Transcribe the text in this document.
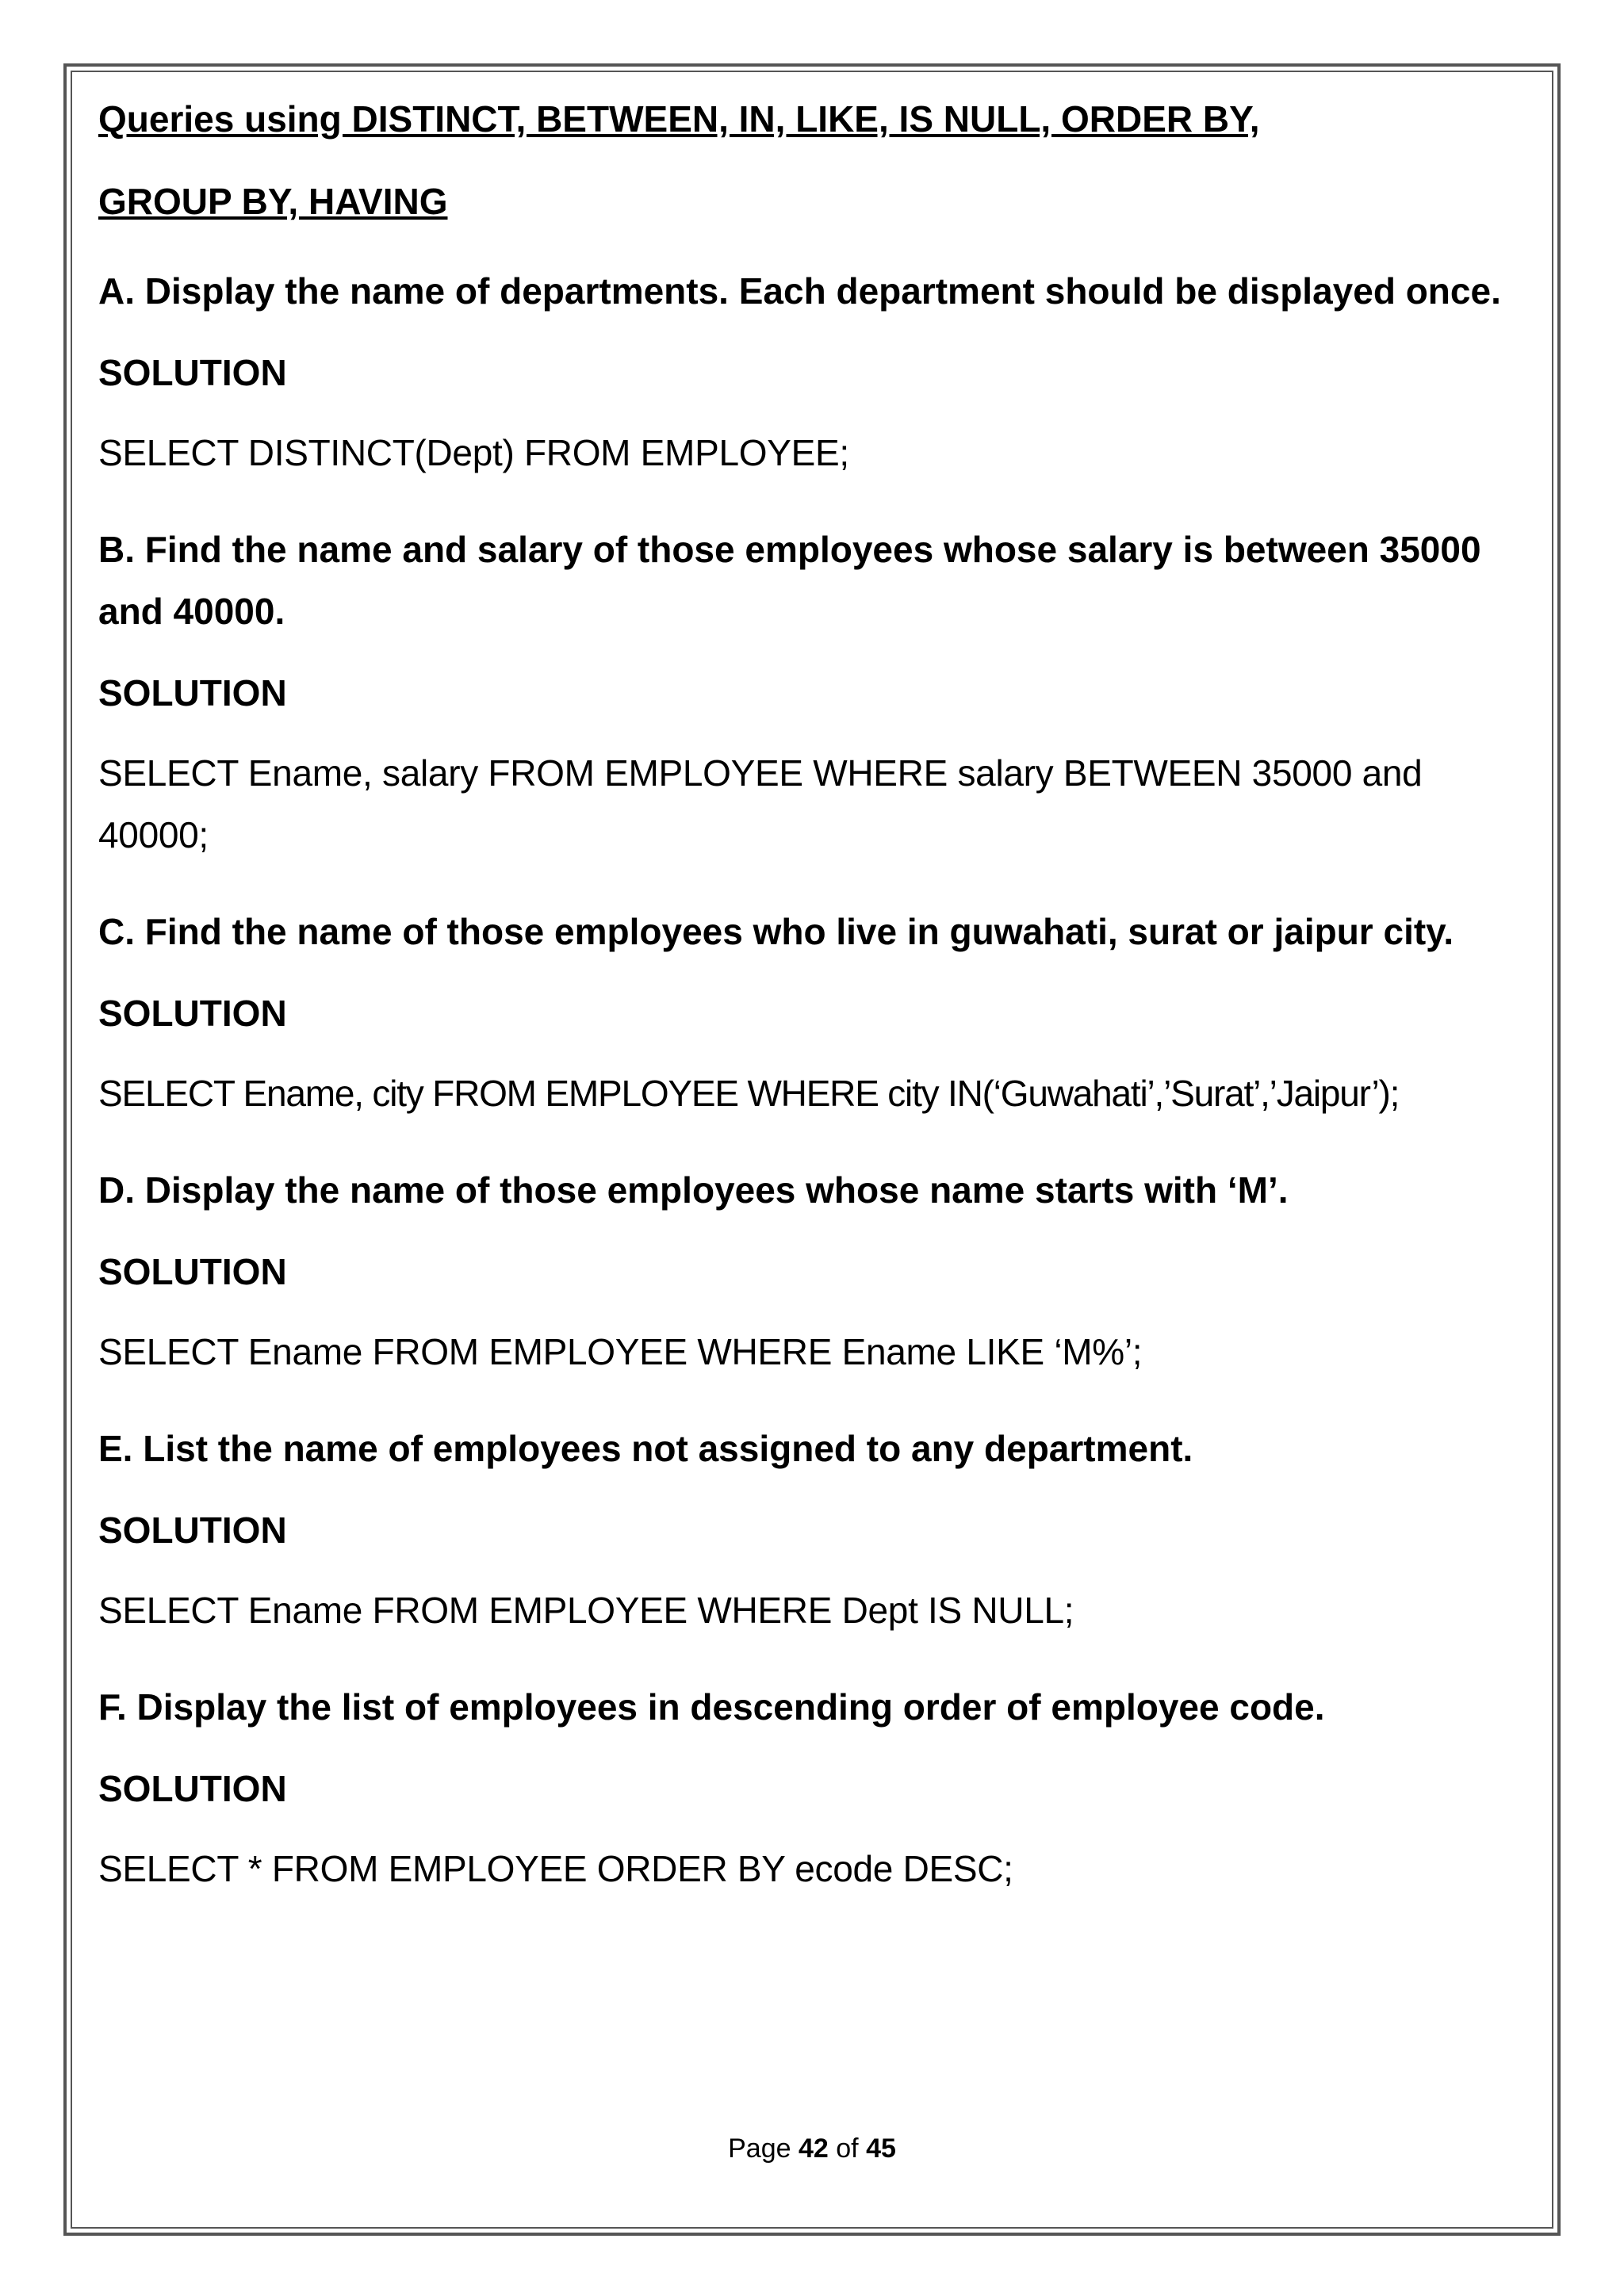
Queries using DISTINCT, BETWEEN, IN, LIKE, IS NULL, ORDER BY,

GROUP BY, HAVING

A. Display the name of departments. Each department should be displayed once.

SOLUTION

SELECT DISTINCT(Dept) FROM EMPLOYEE;

B. Find the name and salary of those employees whose salary is between 35000 and 40000.

SOLUTION

SELECT Ename, salary FROM EMPLOYEE WHERE salary BETWEEN 35000 and 40000;

C. Find the name of those employees who live in guwahati, surat or jaipur city.

SOLUTION

SELECT Ename, city FROM EMPLOYEE WHERE city IN(‘Guwahati’,’Surat’,’Jaipur’);

D. Display the name of those employees whose name starts with ‘M’.

SOLUTION

SELECT Ename FROM EMPLOYEE WHERE Ename LIKE ‘M%’;

E. List the name of employees not assigned to any department.

SOLUTION

SELECT Ename FROM EMPLOYEE WHERE Dept IS NULL;

F. Display the list of employees in descending order of employee code.

SOLUTION

SELECT * FROM EMPLOYEE ORDER BY ecode DESC;

Page 42 of 45
